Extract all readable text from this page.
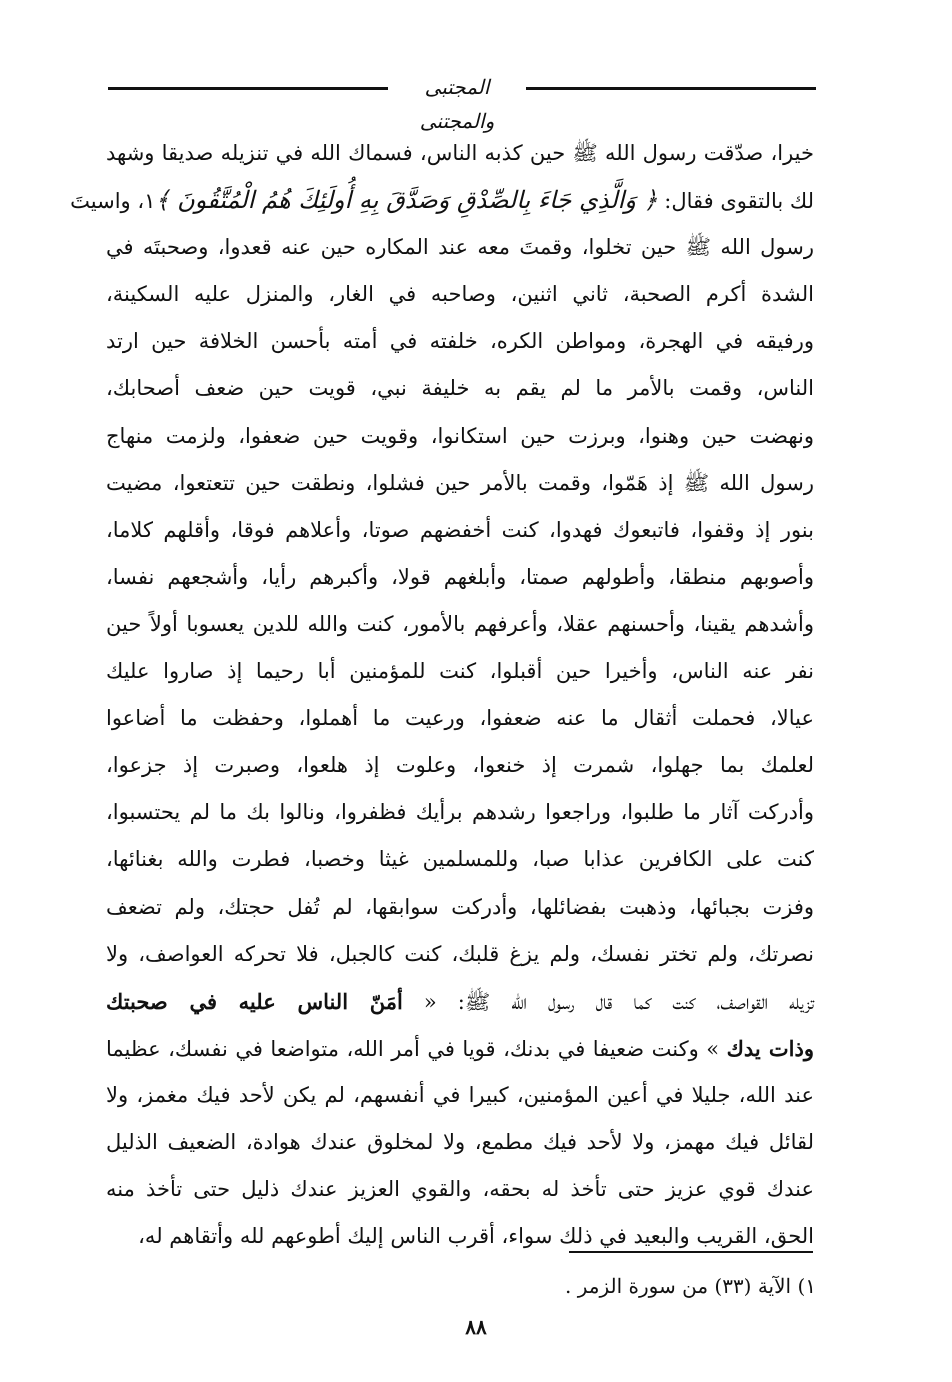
المجتبى والمجتنى
خيرا، صدّقت رسول الله ﷺ حين كذبه الناس، فسماك الله في تنزيله صديقا وشهد
لك بالتقوى فقال: ﴿ وَالَّذِي جَاءَ بِالصِّدْقِ وَصَدَّقَ بِهِ أُولَئِكَ هُمُ الْمُتَّقُونَ ﴾١، واسيتَ
رسول الله ﷺ حين تخلوا، وقمتَ معه عند المكاره حين عنه قعدوا، وصحبتَه في
الشدة أكرم الصحبة، ثاني اثنين، وصاحبه في الغار، والمنزل عليه السكينة،
ورفيقه في الهجرة، ومواطن الكره، خلفته في أمته بأحسن الخلافة حين ارتد
الناس، وقمت بالأمر ما لم يقم به خليفة نبي، قويت حين ضعف أصحابك،
ونهضت حين وهنوا، وبرزت حين استكانوا، وقويت حين ضعفوا، ولزمت منهاج
رسول الله ﷺ إذ هَمّوا، وقمت بالأمر حين فشلوا، ونطقت حين تتعتعوا، مضيت
بنور إذ وقفوا، فاتبعوك فهدوا، كنت أخفضهم صوتا، وأعلاهم فوقا، وأقلهم كلاما،
وأصوبهم منطقا، وأطولهم صمتا، وأبلغهم قولا، وأكبرهم رأيا، وأشجعهم نفسا،
وأشدهم يقينا، وأحسنهم عقلا، وأعرفهم بالأمور، كنت والله للدين يعسوبا أولاً حين
نفر عنه الناس، وأخيرا حين أقبلوا، كنت للمؤمنين أبا رحيما إذ صاروا عليك
عيالا، فحملت أثقال ما عنه ضعفوا، ورعيت ما أهملوا، وحفظت ما أضاعوا
لعلمك بما جهلوا، شمرت إذ خنعوا، وعلوت إذ هلعوا، وصبرت إذ جزعوا،
وأدركت آثار ما طلبوا، وراجعوا رشدهم برأيك فظفروا، ونالوا بك ما لم يحتسبوا،
كنت على الكافرين عذابا صبا، وللمسلمين غيثا وخصبا، فطرت والله بغنائها،
وفزت بجبائها، وذهبت بفضائلها، وأدركت سوابقها، لم تُفل حجتك، ولم تضعف
نصرتك، ولم تختر نفسك، ولم يزغ قلبك، كنت كالجبل، فلا تحركه العواصف، ولا
تزيله القواصف، كنت كما قال رسول الله ﷺ: « أمَنّ الناس عليه في صحبتك
وذات يدك » وكنت ضعيفا في بدنك، قويا في أمر الله، متواضعا في نفسك، عظيما
عند الله، جليلا في أعين المؤمنين، كبيرا في أنفسهم، لم يكن لأحد فيك مغمز، ولا
لقائل فيك مهمز، ولا لأحد فيك مطمع، ولا لمخلوق عندك هوادة، الضعيف الذليل
عندك قوي عزيز حتى تأخذ له بحقه، والقوي العزيز عندك ذليل حتى تأخذ منه
الحق، القريب والبعيد في ذلك سواء، أقرب الناس إليك أطوعهم لله وأتقاهم له،
١) الآية (٣٣) من سورة الزمر .
٨٨
